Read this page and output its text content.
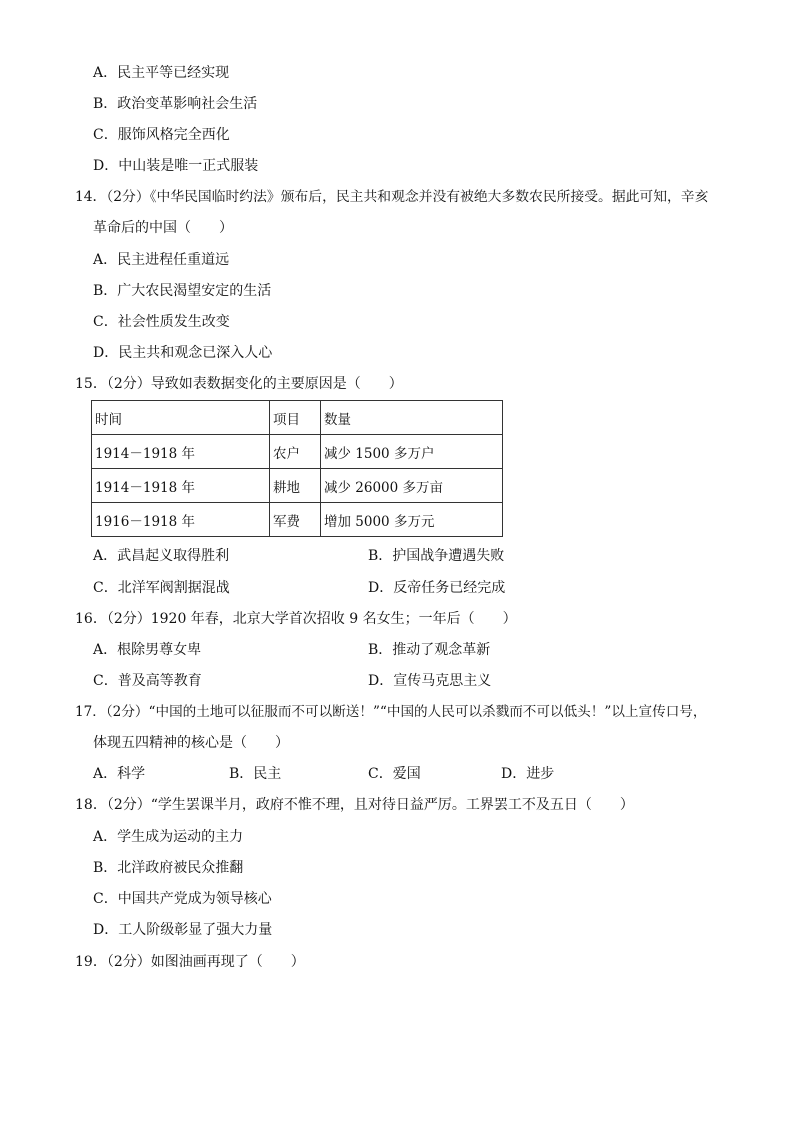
A．民主平等已经实现
B．政治变革影响社会生活
C．服饰风格完全西化
D．中山装是唯一正式服装
14．（2分）《中华民国临时约法》颁布后，民主共和观念并没有被绝大多数农民所接受。据此可知，辛亥
革命后的中国（　　）
A．民主进程任重道远
B．广大农民渴望安定的生活
C．社会性质发生改变
D．民主共和观念已深入人心
15．（2分）导致如表数据变化的主要原因是（　　）
时间	项目	数量
1914－1918 年	农户	减少 1500 多万户
1914－1918 年	耕地	减少 26000 多万亩
1916－1918 年	军费	增加 5000 多万元
A．武昌起义取得胜利	B．护国战争遭遇失败
C．北洋军阀割据混战	D．反帝任务已经完成
16．（2分）1920 年春，北京大学首次招收 9 名女生；一年后（　　）
A．根除男尊女卑	B．推动了观念革新
C．普及高等教育	D．宣传马克思主义
17．（2分）“中国的土地可以征服而不可以断送！”“中国的人民可以杀戮而不可以低头！”以上宣传口号，
体现五四精神的核心是（　　）
A．科学	B．民主	C．爱国	D．进步
18．（2分）“学生罢课半月，政府不惟不理，且对待日益严厉。工界罢工不及五日（　　）
A．学生成为运动的主力
B．北洋政府被民众推翻
C．中国共产党成为领导核心
D．工人阶级彰显了强大力量
19．（2分）如图油画再现了（　　）
